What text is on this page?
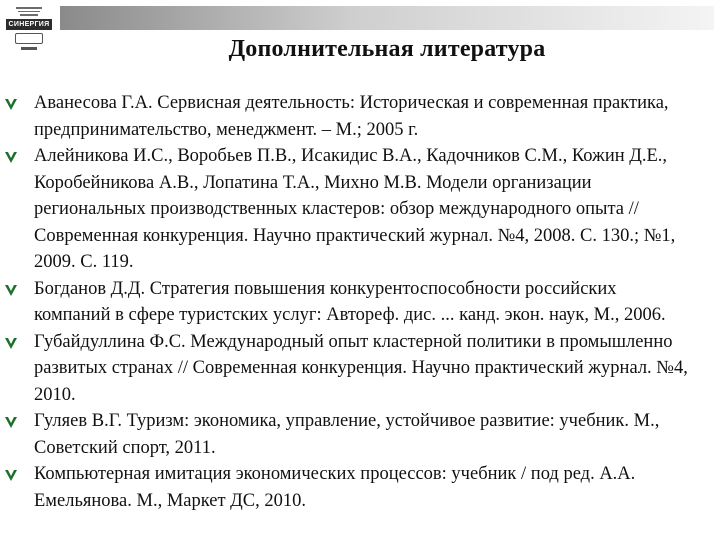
СИНЕРГИЯ
Дополнительная литература
Аванесова Г.А. Сервисная деятельность: Историческая и современная практика, предпринимательство, менеджмент. – М.; 2005 г.
Алейникова И.С., Воробьев П.В., Исакидис В.А., Кадочников С.М., Кожин Д.Е., Коробейникова А.В., Лопатина Т.А., Михно М.В. Модели организации региональных производственных кластеров: обзор международного опыта // Современная конкуренция. Научно практический журнал. №4, 2008. С. 130.; №1, 2009. С. 119.
Богданов Д.Д. Стратегия повышения конкурентоспособности российских компаний в сфере туристских услуг: Автореф. дис. ... канд. экон. наук, М., 2006.
Губайдуллина Ф.С. Международный опыт кластерной политики в промышленно развитых странах // Современная конкуренция. Научно практический журнал. №4, 2010.
Гуляев В.Г. Туризм: экономика, управление, устойчивое развитие: учебник. М., Советский спорт, 2011.
Компьютерная имитация экономических процессов: учебник / под ред. А.А. Емельянова. М., Маркет ДС, 2010.
